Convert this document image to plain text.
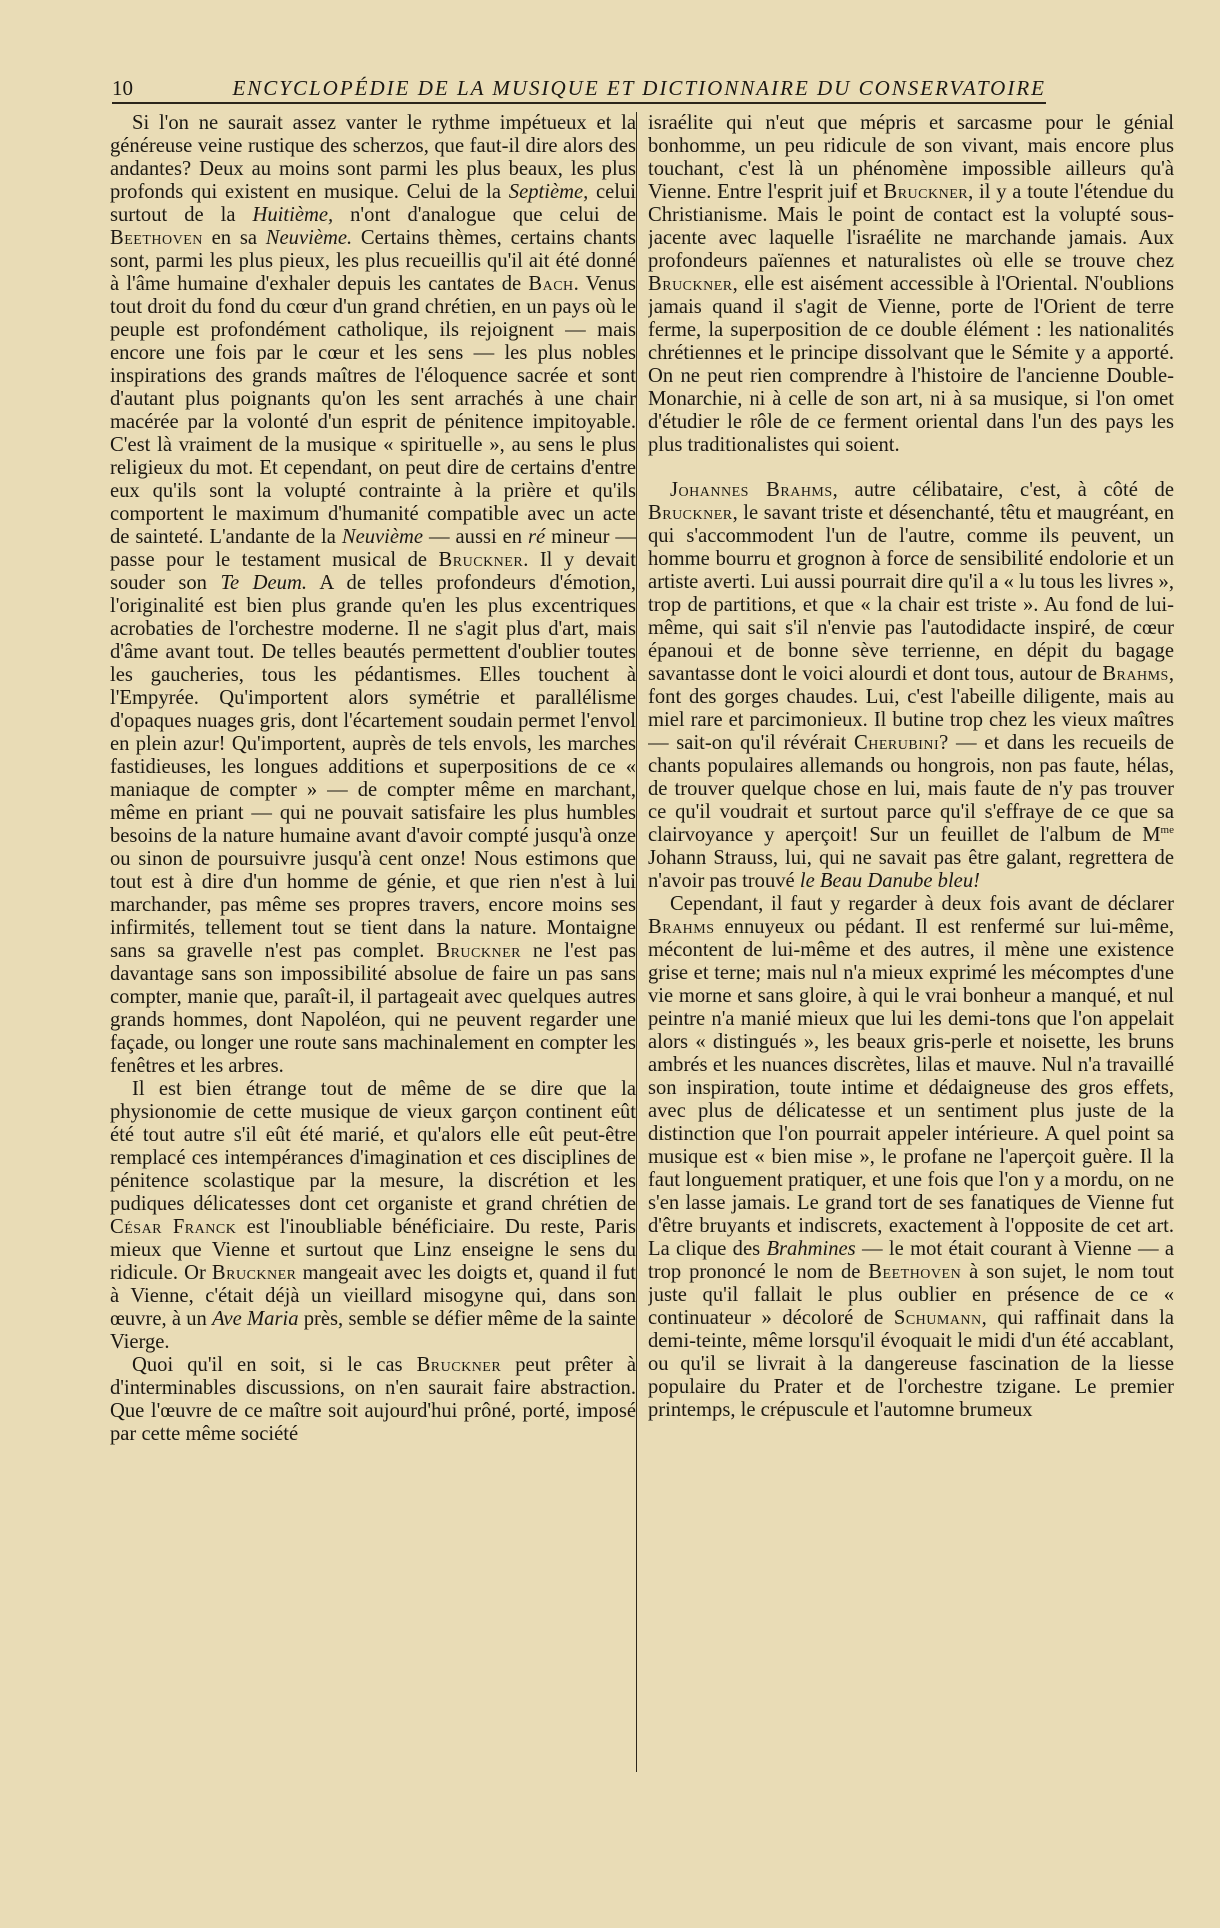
10	ENCYCLOPÉDIE DE LA MUSIQUE ET DICTIONNAIRE DU CONSERVATOIRE

Si l'on ne saurait assez vanter le rythme impétueux et la généreuse veine rustique des scherzos, que faut-il dire alors des andantes? Deux au moins sont parmi les plus beaux, les plus profonds qui existent en musique. Celui de la Septième, celui surtout de la Huitième, n'ont d'analogue que celui de Beethoven en sa Neuvième. Certains thèmes, certains chants sont, parmi les plus pieux, les plus recueillis qu'il ait été donné à l'âme humaine d'exhaler depuis les cantates de Bach. Venus tout droit du fond du cœur d'un grand chrétien, en un pays où le peuple est profondément catholique, ils rejoignent — mais encore une fois par le cœur et les sens — les plus nobles inspirations des grands maîtres de l'éloquence sacrée et sont d'autant plus poignants qu'on les sent arrachés à une chair macérée par la volonté d'un esprit de pénitence impitoyable. C'est là vraiment de la musique « spirituelle », au sens le plus religieux du mot. Et cependant, on peut dire de certains d'entre eux qu'ils sont la volupté contrainte à la prière et qu'ils comportent le maximum d'humanité compatible avec un acte de sainteté. L'andante de la Neuvième — aussi en ré mineur — passe pour le testament musical de Bruckner. Il y devait souder son Te Deum. A de telles profondeurs d'émotion, l'originalité est bien plus grande qu'en les plus excentriques acrobaties de l'orchestre moderne. Il ne s'agit plus d'art, mais d'âme avant tout. De telles beautés permettent d'oublier toutes les gaucheries, tous les pédantismes. Elles touchent à l'Empyrée. Qu'importent alors symétrie et parallélisme d'opaques nuages gris, dont l'écartement soudain permet l'envol en plein azur! Qu'importent, auprès de tels envols, les marches fastidieuses, les longues additions et superpositions de ce « maniaque de compter » — de compter même en marchant, même en priant — qui ne pouvait satisfaire les plus humbles besoins de la nature humaine avant d'avoir compté jusqu'à onze ou sinon de poursuivre jusqu'à cent onze! Nous estimons que tout est à dire d'un homme de génie, et que rien n'est à lui marchander, pas même ses propres travers, encore moins ses infirmités, tellement tout se tient dans la nature. Montaigne sans sa gravelle n'est pas complet. Bruckner ne l'est pas davantage sans son impossibilité absolue de faire un pas sans compter, manie que, paraît-il, il partageait avec quelques autres grands hommes, dont Napoléon, qui ne peuvent regarder une façade, ou longer une route sans machinalement en compter les fenêtres et les arbres.

Il est bien étrange tout de même de se dire que la physionomie de cette musique de vieux garçon continent eût été tout autre s'il eût été marié, et qu'alors elle eût peut-être remplacé ces intempérances d'imagination et ces disciplines de pénitence scolastique par la mesure, la discrétion et les pudiques délicatesses dont cet organiste et grand chrétien de César Franck est l'inoubliable bénéficiaire. Du reste, Paris mieux que Vienne et surtout que Linz enseigne le sens du ridicule. Or Bruckner mangeait avec les doigts et, quand il fut à Vienne, c'était déjà un vieillard misogyne qui, dans son œuvre, à un Ave Maria près, semble se défier même de la sainte Vierge.

Quoi qu'il en soit, si le cas Bruckner peut prêter à d'interminables discussions, on n'en saurait faire abstraction. Que l'œuvre de ce maître soit aujourd'hui prôné, porté, imposé par cette même société

israélite qui n'eut que mépris et sarcasme pour le génial bonhomme, un peu ridicule de son vivant, mais encore plus touchant, c'est là un phénomène impossible ailleurs qu'à Vienne. Entre l'esprit juif et Bruckner, il y a toute l'étendue du Christianisme. Mais le point de contact est la volupté sous-jacente avec laquelle l'israélite ne marchande jamais. Aux profondeurs païennes et naturalistes où elle se trouve chez Bruckner, elle est aisément accessible à l'Oriental. N'oublions jamais quand il s'agit de Vienne, porte de l'Orient de terre ferme, la superposition de ce double élément : les nationalités chrétiennes et le principe dissolvant que le Sémite y a apporté. On ne peut rien comprendre à l'histoire de l'ancienne Double-Monarchie, ni à celle de son art, ni à sa musique, si l'on omet d'étudier le rôle de ce ferment oriental dans l'un des pays les plus traditionalistes qui soient.

Johannes Brahms, autre célibataire, c'est, à côté de Bruckner, le savant triste et désenchanté, têtu et maugréant, en qui s'accommodent l'un de l'autre, comme ils peuvent, un homme bourru et grognon à force de sensibilité endolorie et un artiste averti. Lui aussi pourrait dire qu'il a « lu tous les livres », trop de partitions, et que « la chair est triste ». Au fond de lui-même, qui sait s'il n'envie pas l'autodidacte inspiré, de cœur épanoui et de bonne sève terrienne, en dépit du bagage savantasse dont le voici alourdi et dont tous, autour de Brahms, font des gorges chaudes. Lui, c'est l'abeille diligente, mais au miel rare et parcimonieux. Il butine trop chez les vieux maîtres — sait-on qu'il révérait Cherubini? — et dans les recueils de chants populaires allemands ou hongrois, non pas faute, hélas, de trouver quelque chose en lui, mais faute de n'y pas trouver ce qu'il voudrait et surtout parce qu'il s'effraye de ce que sa clairvoyance y aperçoit! Sur un feuillet de l'album de $M^{me}$ Johann Strauss, lui, qui ne savait pas être galant, regrettera de n'avoir pas trouvé le Beau Danube bleu!

Cependant, il faut y regarder à deux fois avant de déclarer Brahms ennuyeux ou pédant. Il est renfermé sur lui-même, mécontent de lui-même et des autres, il mène une existence grise et terne; mais nul n'a mieux exprimé les mécomptes d'une vie morne et sans gloire, à qui le vrai bonheur a manqué, et nul peintre n'a manié mieux que lui les demi-tons que l'on appelait alors « distingués », les beaux gris-perle et noisette, les bruns ambrés et les nuances discrètes, lilas et mauve. Nul n'a travaillé son inspiration, toute intime et dédaigneuse des gros effets, avec plus de délicatesse et un sentiment plus juste de la distinction que l'on pourrait appeler intérieure. A quel point sa musique est « bien mise », le profane ne l'aperçoit guère. Il la faut longuement pratiquer, et une fois que l'on y a mordu, on ne s'en lasse jamais. Le grand tort de ses fanatiques de Vienne fut d'être bruyants et indiscrets, exactement à l'opposite de cet art. La clique des Brahmines — le mot était courant à Vienne — a trop prononcé le nom de Beethoven à son sujet, le nom tout juste qu'il fallait le plus oublier en présence de ce « continuateur » décoloré de Schumann, qui raffinait dans la demi-teinte, même lorsqu'il évoquait le midi d'un été accablant, ou qu'il se livrait à la dangereuse fascination de la liesse populaire du Prater et de l'orchestre tzigane. Le premier printemps, le crépuscule et l'automne brumeux
